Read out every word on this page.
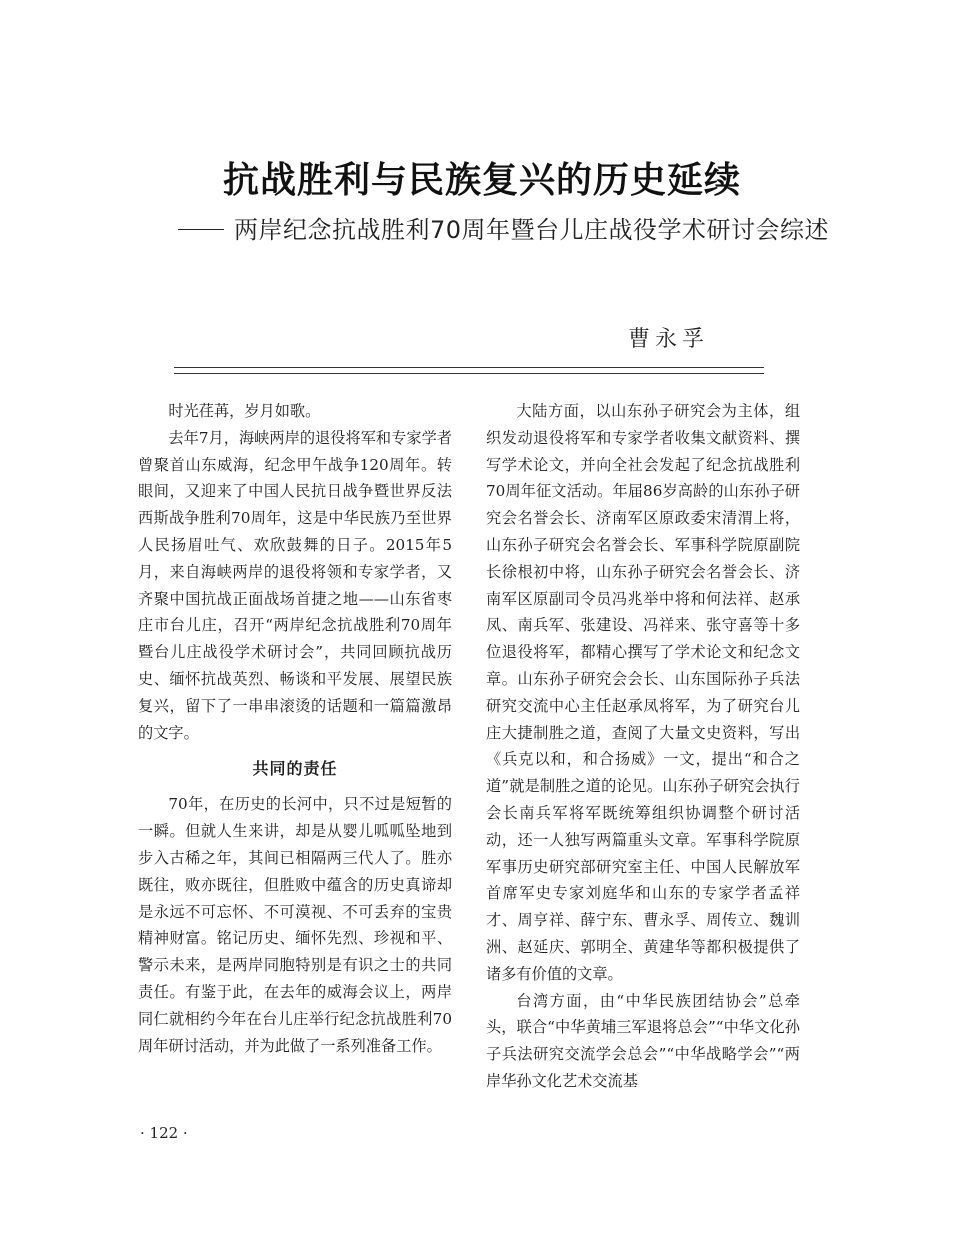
抗战胜利与民族复兴的历史延续
两岸纪念抗战胜利70周年暨台儿庄战役学术研讨会综述
曹永孚

时光荏苒，岁月如歌。

去年7月，海峡两岸的退役将军和专家学者曾聚首山东威海，纪念甲午战争120周年。转眼间，又迎来了中国人民抗日战争暨世界反法西斯战争胜利70周年，这是中华民族乃至世界人民扬眉吐气、欢欣鼓舞的日子。2015年5月，来自海峡两岸的退役将领和专家学者，又齐聚中国抗战正面战场首捷之地——山东省枣庄市台儿庄，召开“两岸纪念抗战胜利70周年暨台儿庄战役学术研讨会”，共同回顾抗战历史、缅怀抗战英烈、畅谈和平发展、展望民族复兴，留下了一串串滚烫的话题和一篇篇激昂的文字。

共同的责任

70年，在历史的长河中，只不过是短暂的一瞬。但就人生来讲，却是从婴儿呱呱坠地到步入古稀之年，其间已相隔两三代人了。胜亦既往，败亦既往，但胜败中蕴含的历史真谛却是永远不可忘怀、不可漠视、不可丢弃的宝贵精神财富。铭记历史、缅怀先烈、珍视和平、警示未来，是两岸同胞特别是有识之士的共同责任。有鉴于此，在去年的威海会议上，两岸同仁就相约今年在台儿庄举行纪念抗战胜利70周年研讨活动，并为此做了一系列准备工作。

大陆方面，以山东孙子研究会为主体，组织发动退役将军和专家学者收集文献资料、撰写学术论文，并向全社会发起了纪念抗战胜利70周年征文活动。年届86岁高龄的山东孙子研究会名誉会长、济南军区原政委宋清渭上将，山东孙子研究会名誉会长、军事科学院原副院长徐根初中将，山东孙子研究会名誉会长、济南军区原副司令员冯兆举中将和何法祥、赵承凤、南兵军、张建设、冯祥来、张守喜等十多位退役将军，都精心撰写了学术论文和纪念文章。山东孙子研究会会长、山东国际孙子兵法研究交流中心主任赵承凤将军，为了研究台儿庄大捷制胜之道，查阅了大量文史资料，写出《兵克以和，和合扬威》一文，提出“和合之道”就是制胜之道的论见。山东孙子研究会执行会长南兵军将军既统筹组织协调整个研讨活动，还一人独写两篇重头文章。军事科学院原军事历史研究部研究室主任、中国人民解放军首席军史专家刘庭华和山东的专家学者孟祥才、周亨祥、薛宁东、曹永孚、周传立、魏训洲、赵延庆、郭明全、黄建华等都积极提供了诸多有价值的文章。

台湾方面，由“中华民族团结协会”总牵头，联合“中华黄埔三军退将总会”“中华文化孙子兵法研究交流学会总会”“中华战略学会”“两岸华孙文化艺术交流基

· 122 ·
